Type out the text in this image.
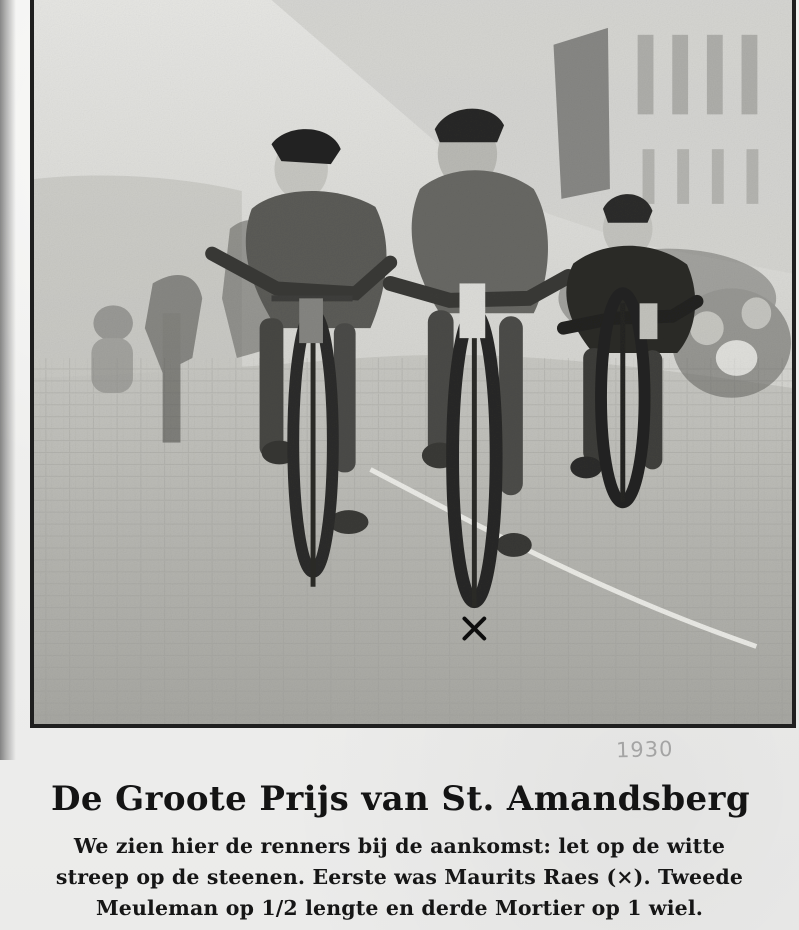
1930
De Groote Prijs van St. Amandsberg

We zien hier de renners bij de aankomst: let op de witte
streep op de steenen. Eerste was Maurits Raes (×). Tweede
Meuleman op 1/2 lengte en derde Mortier op 1 wiel.
